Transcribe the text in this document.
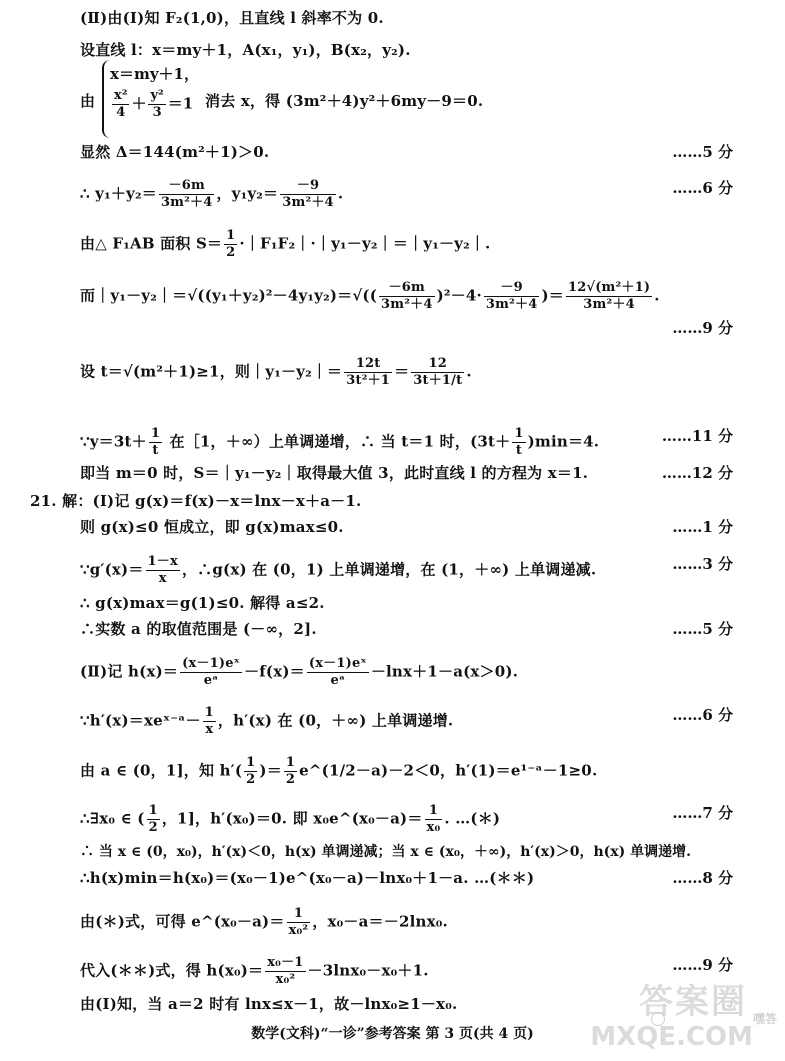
(Ⅱ)由(Ⅰ)知 F₂(1,0)，且直线 l 斜率不为 0.
设直线 l：x＝my＋1，A(x₁，y₁)，B(x₂，y₂).
由
x＝my＋1，
$\frac{\text{x²}}{4} + \frac{\text{y²}}{3} =1$ 消去 x，得 (3m²＋4)y²＋6my－9＝0.
显然 Δ＝144(m²＋1)＞0.	……5 分
∴ $y_1+y_2= \frac{-6m}{\text{3m²＋4}}$ ，$y_1y_2= \frac{-9}{\text{3m²＋4}}$ .	……6 分
由△ F₁AB 面积 $S= \frac{1}{2}$ ·｜F₁F₂｜·｜y₁－y₂｜＝｜y₁－y₂｜.
而｜y₁－y₂｜＝√((y₁＋y₂)²－4y₁y₂)＝√(( $\frac{-6m}{\text{3m²＋4}} )^2-4\cdot \frac{-9}{\text{3m²＋4}}$ )＝ $\frac{\text{12√(m²＋1)}}{\text{3m²＋4}}$ .
……9 分
设 t＝√(m²＋1)≥1，则｜y₁－y₂｜＝ $\frac{12t}{\text{3t²＋1}} = \frac{12}{3t+1/t}$ .
∵y＝3t＋ $\frac{1}{t}$ 在［1，＋∞）上单调递增，∴ 当 t＝1 时，$(3t+ \frac{1}{t} )\min=4$.	……11 分
即当 m＝0 时，S＝｜y₁－y₂｜取得最大值 3，此时直线 l 的方程为 x＝1.	……12 分
21. 解：(Ⅰ)记 g(x)＝f(x)－x＝lnx－x＋a－1.
则 g(x)≤0 恒成立，即 g(x)max≤0.	……1 分
∵g′(x)＝ $\frac{1-x}{x}$ ，∴g(x) 在 (0，1) 上单调递增，在 (1，＋∞) 上单调递减.	……3 分
∴ g(x)max＝g(1)≤0. 解得 a≤2.
∴实数 a 的取值范围是 (－∞，2].	……5 分
(Ⅱ)记 $h(x)= \frac{\text{(x－1)eˣ}}{\text{eᵃ}} -f(x)= \frac{\text{(x－1)eˣ}}{\text{eᵃ}} -\ln x+1-a(x>0)$.
∵h′(x)＝xeˣ⁻ᵃ－ $\frac{1}{x}$ ，h′(x) 在 (0，＋∞) 上单调递增.	……6 分
由 a ∈ (0，1]，知 $h'( \frac{1}{2}$ )＝ $\frac{1}{2}$ e^(1/2－a)－2＜0，h′(1)＝e¹⁻ᵃ－1≥0.
∴∃x₀ ∈ ( $\frac{1}{2}$ ，1]，h′(x₀)＝0. 即 x₀e^(x₀－a)＝ $\frac{1}{\text{x₀}}$ . …(＊)	……7 分
∴ 当 x ∈ (0，x₀)，h′(x)＜0，h(x) 单调递减；当 x ∈ (x₀，＋∞)，h′(x)＞0，h(x) 单调递增.
∴h(x)min＝h(x₀)＝(x₀－1)e^(x₀－a)－lnx₀＋1－a. …(＊＊)	……8 分
由(＊)式，可得 e^(x₀－a)＝ $\frac{1}{\text{x₀²}}$ ，x₀－a＝－2lnx₀.
代入(＊＊)式，得 $h(x_0)= \frac{\text{x₀－1}}{\text{x₀²}} -3\ln x_0-x_0+1$.	……9 分
由(Ⅰ)知，当 a＝2 时有 lnx≤x－1，故－lnx₀≥1－x₀.
数学(文科)“一诊”参考答案 第 3 页(共 4 页)
答案圈
MXQE.COM
嘿答
